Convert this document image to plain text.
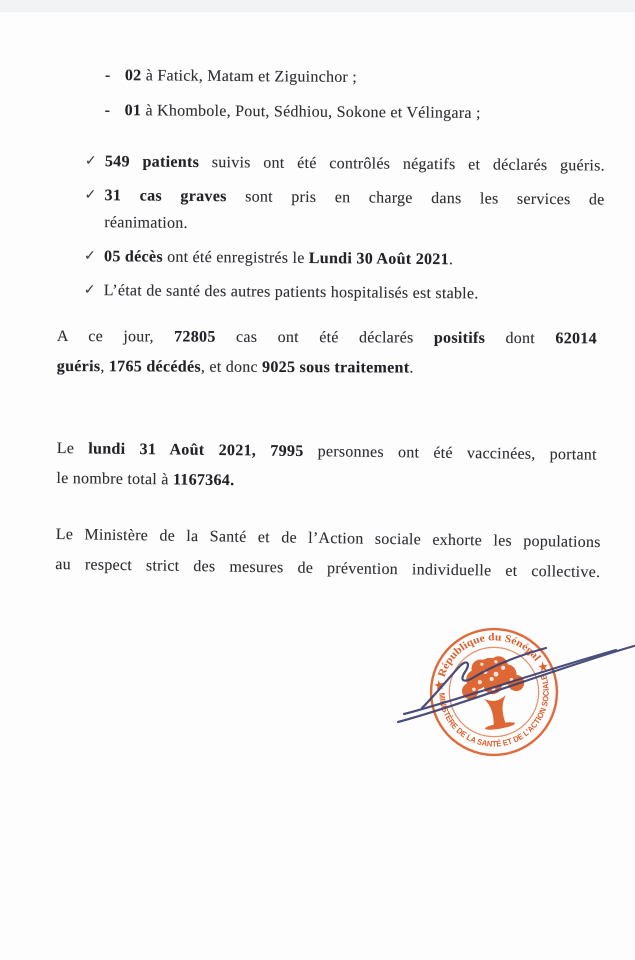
- 02 à Fatick, Matam et Ziguinchor ;
- 01 à Khombole, Pout, Sédhiou, Sokone et Vélingara ;
✓ 549 patients suivis ont été contrôlés négatifs et déclarés guéris.
✓ 31 cas graves sont pris en charge dans les services de
réanimation.
✓ 05 décès ont été enregistrés le Lundi 30 Août 2021.
✓ L’état de santé des autres patients hospitalisés est stable.
A ce jour, 72805 cas ont été déclarés positifs dont 62014
guéris, 1765 décédés, et donc 9025 sous traitement.
Le lundi 31 Août 2021, 7995 personnes ont été vaccinées, portant
le nombre total à 1167364.
Le Ministère de la Santé et de l’Action sociale exhorte les populations
au respect strict des mesures de prévention individuelle et collective.
★ République du Sénégal ★
MINISTÈRE DE LA SANTÉ ET DE L’ACTION SOCIALE
